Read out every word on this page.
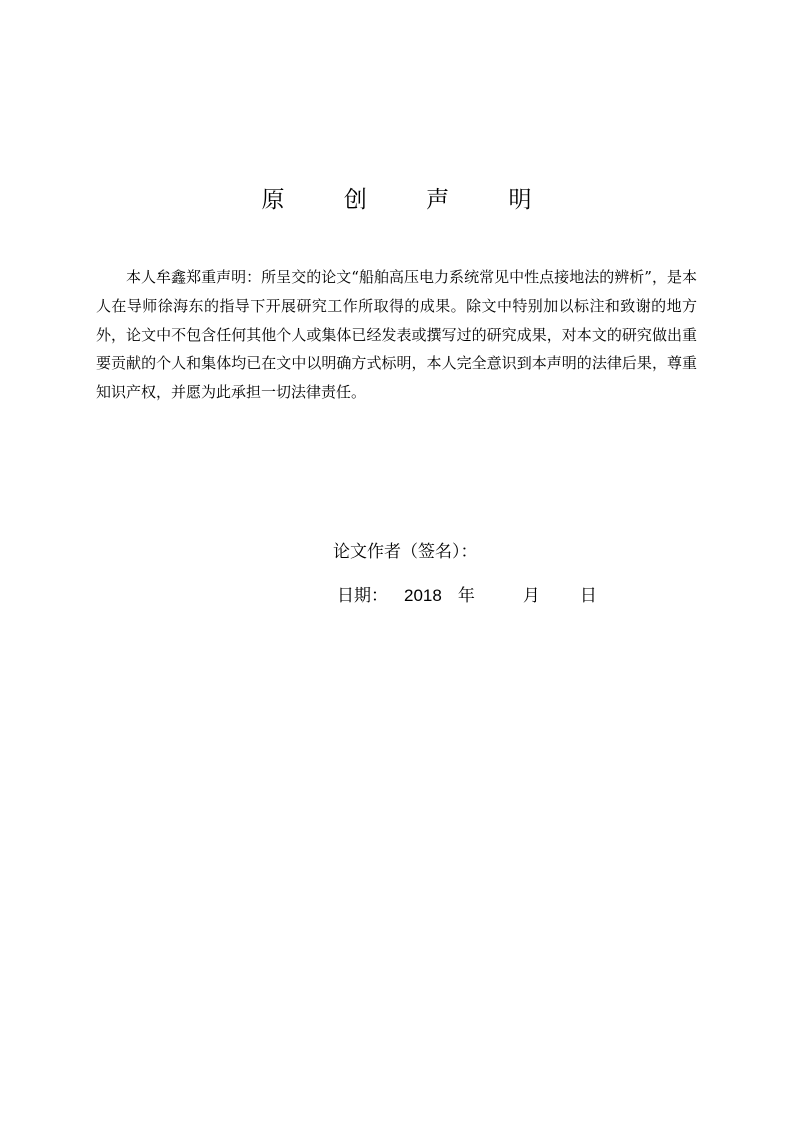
原 创 声 明

本人牟鑫郑重声明：所呈交的论文“船舶高压电力系统常见中性点接地法的辨析”，是本人在导师徐海东的指导下开展研究工作所取得的成果。除文中特别加以标注和致谢的地方外，论文中不包含任何其他个人或集体已经发表或撰写过的研究成果，对本文的研究做出重要贡献的个人和集体均已在文中以明确方式标明，本人完全意识到本声明的法律后果，尊重知识产权，并愿为此承担一切法律责任。

论文作者（签名）：
日期： 2018 年	月 日
